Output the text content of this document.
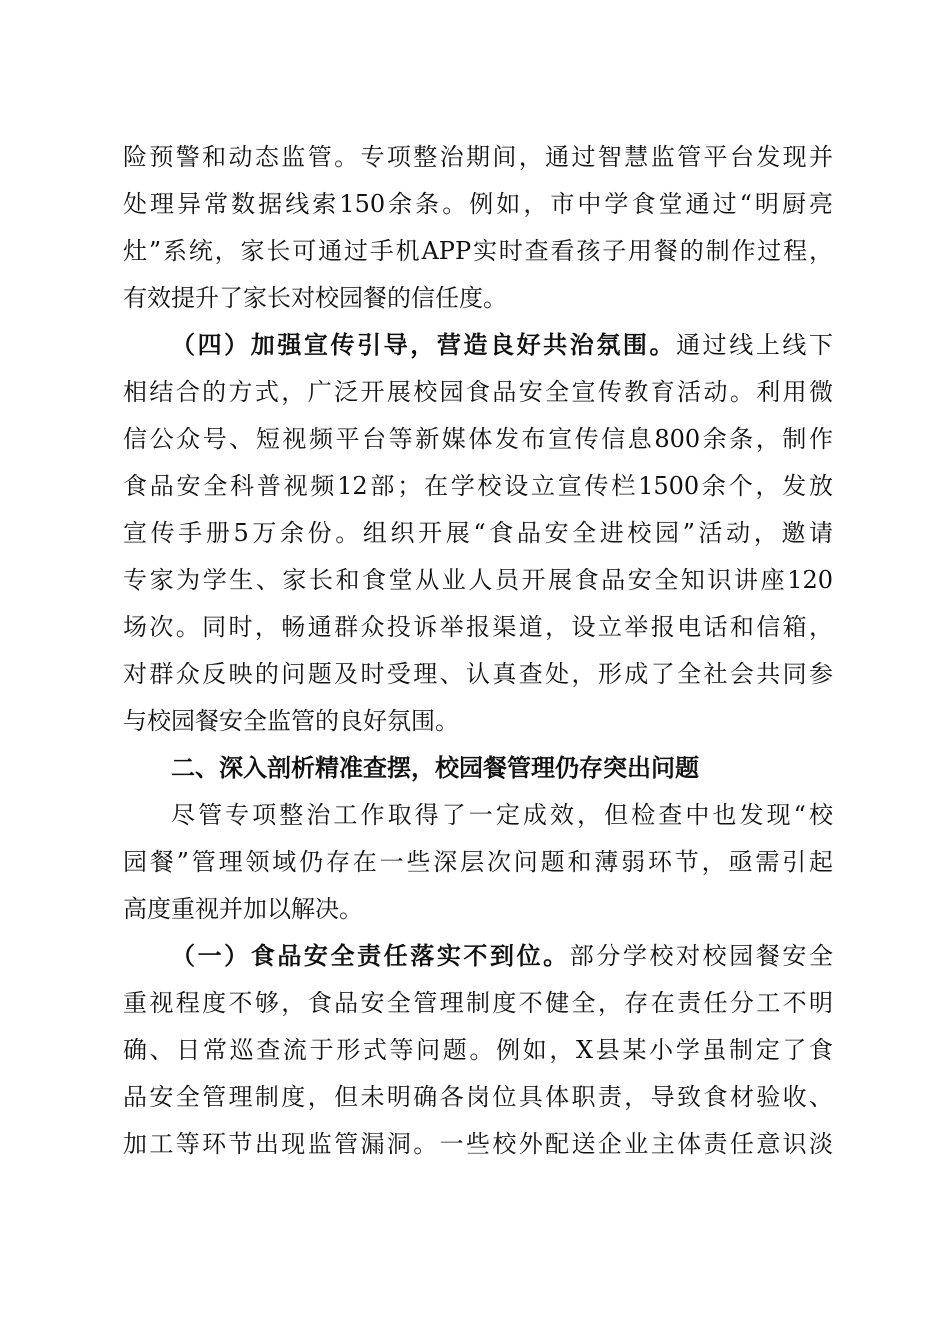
险预警和动态监管。专项整治期间，通过智慧监管平台发现并
处理异常数据线索150余条。例如，市中学食堂通过“明厨亮
灶”系统，家长可通过手机APP实时查看孩子用餐的制作过程，
有效提升了家长对校园餐的信任度。
（四）加强宣传引导，营造良好共治氛围。通过线上线下
相结合的方式，广泛开展校园食品安全宣传教育活动。利用微
信公众号、短视频平台等新媒体发布宣传信息800余条，制作
食品安全科普视频12部；在学校设立宣传栏1500余个，发放
宣传手册5万余份。组织开展“食品安全进校园”活动，邀请
专家为学生、家长和食堂从业人员开展食品安全知识讲座120
场次。同时，畅通群众投诉举报渠道，设立举报电话和信箱，
对群众反映的问题及时受理、认真查处，形成了全社会共同参
与校园餐安全监管的良好氛围。
二、深入剖析精准查摆，校园餐管理仍存突出问题
尽管专项整治工作取得了一定成效，但检查中也发现“校
园餐”管理领域仍存在一些深层次问题和薄弱环节，亟需引起
高度重视并加以解决。
（一）食品安全责任落实不到位。部分学校对校园餐安全
重视程度不够，食品安全管理制度不健全，存在责任分工不明
确、日常巡查流于形式等问题。例如，X县某小学虽制定了食
品安全管理制度，但未明确各岗位具体职责，导致食材验收、
加工等环节出现监管漏洞。一些校外配送企业主体责任意识淡
